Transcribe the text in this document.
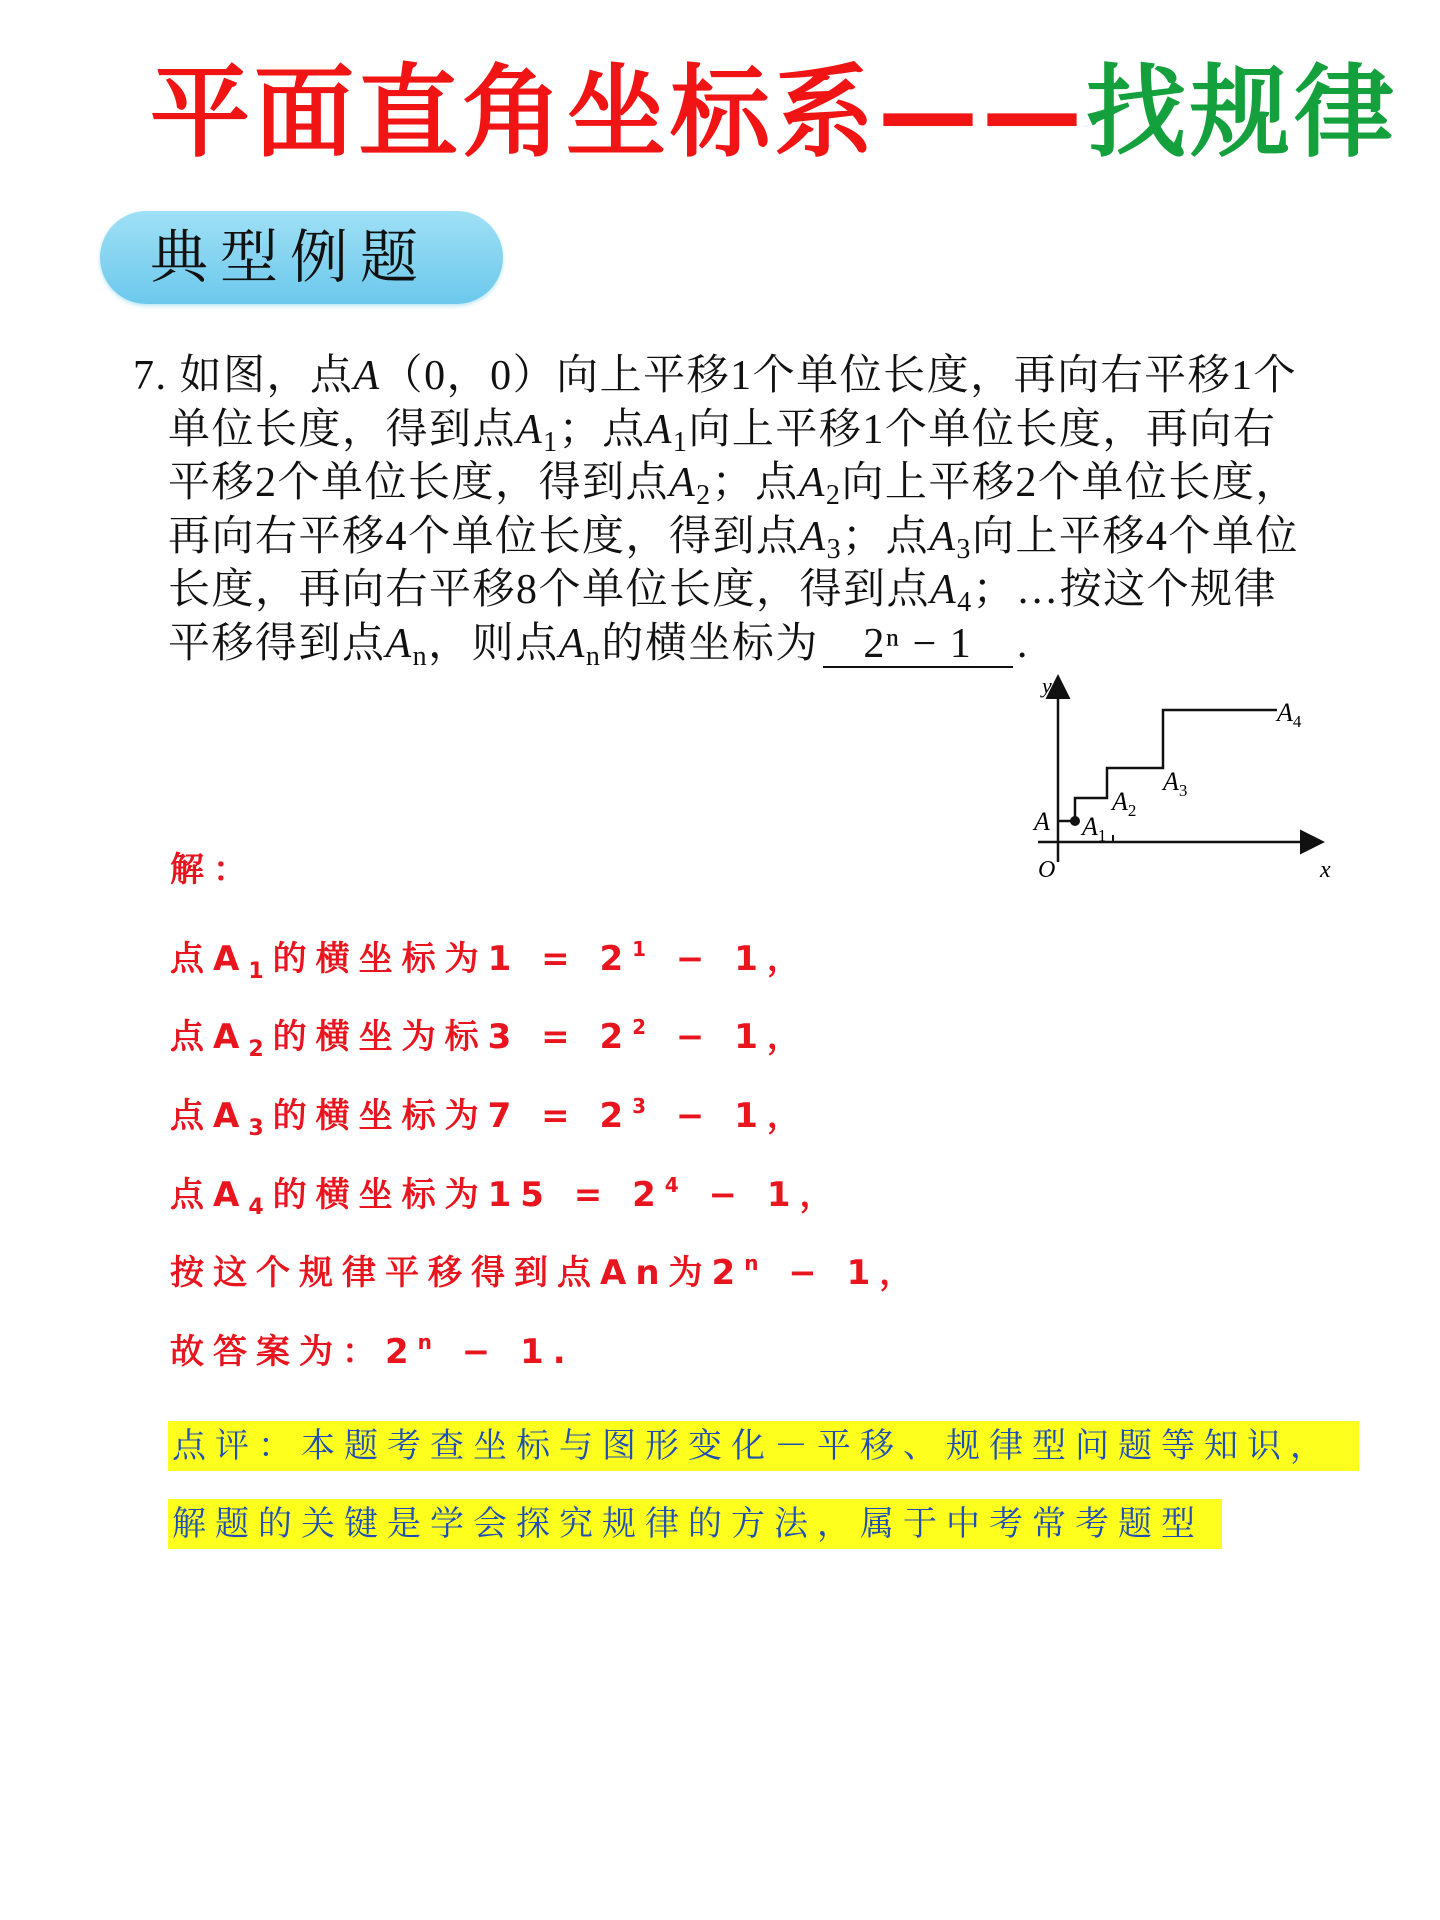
平面直角坐标系——找规律
典型例题
7. 如图，点A（0，0）向上平移1个单位长度，再向右平移1个
单位长度，得到点$A_1$；点$A_1$向上平移1个单位长度，再向右
平移2个单位长度，得到点$A_2$；点$A_2$向上平移2个单位长度，
再向右平移4个单位长度，得到点$A_3$；点$A_3$向上平移4个单位
长度，再向右平移8个单位长度，得到点$A_4$；…按这个规律
平移得到点$A_n$，则点$A_n$的横坐标为 2ⁿ − 1 .
y
x
O
A $A_1$
$A_2$
$A_3$
$A_4$
解：
点$A_1$的横坐标为$1 = 2^1 - 1$，
点$A_2$的横坐为标$3 = 2^2 - 1$，
点$A_3$的横坐标为$7 = 2^3 - 1$，
点$A_4$的横坐标为$15 = 2^4 - 1$，
按这个规律平移得到点An为$2^n - 1$，
故答案为：$2^n - 1$.
点评：本题考查坐标与图形变化－平移、规律型问题等知识，
解题的关键是学会探究规律的方法，属于中考常考题型
